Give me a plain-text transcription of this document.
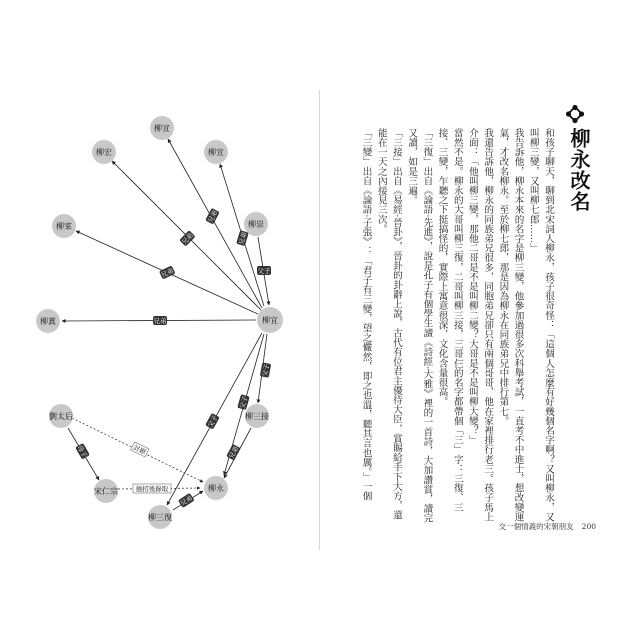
兄弟
兄弟	兄弟
兄弟
兄弟
父子
父子
父子
父子
兄弟
兄弟
母子	討厭
擯招後錄取
柳宣
柳宏	柳宣
柳崇
柳寀
柳蒖	柳宜
柳三接
柳永
柳三復
劉太后
宋仁宗
柳永改名

和孩子聊天，聊到北宋詞人柳永，孩子很奇怪：「這個人怎麼有好幾個名字啊？又叫柳永，又叫柳三變，又叫柳七郎……」

我告訴他，柳永本來的名字是柳三變，他參加過很多次科舉考試，一直考不中進士，想改變運氣，才改名柳永。至於柳七郎，那是因為柳永在同族弟兄中排行第七。

我還告訴他，柳永的同族弟兄很多，同胞弟兄卻只有兩個哥哥，他在家裡排行老三。孩子馬上介面：「他叫柳三變，那他二哥是不是叫柳二變？大哥是不是叫柳大變？」

當然不是。柳永的大哥叫柳三復，二哥叫柳三接，三哥仨的名字都帶個「三」字：三復、三接、三變，乍聽之下挺搞怪的，實際上寓意很深，文化含量很高。

「三復」出自《論語‧先進》，說是孔子有個學生讀《詩經‧大雅》裡的一首詩，大加讚賞，讀完又讀，如是三遍。

「三接」出自《易經‧晉卦》，晉卦的卦辭上說，古代有位君主優待大臣，賞賜給手下大方，還能在一天之內接見三次。

「三變」出自《論語‧子張》：「君子有三變，望之儼然，即之也溫，聽其言也厲。」一個

交一個情義的宋朝朋友 200
